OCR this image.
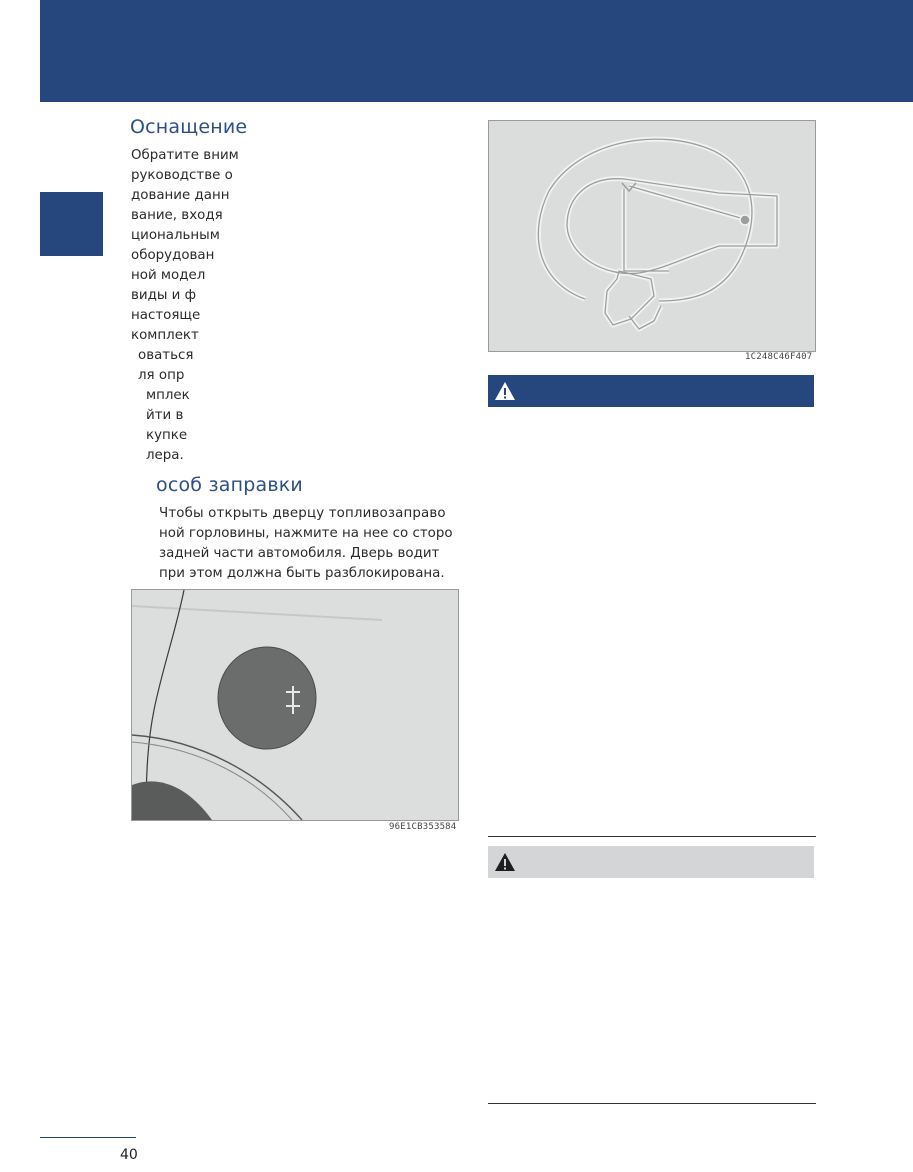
Оснащение

Обратите вним

руководстве о

дование данн

вание, входя

циональным

оборудован

ной модел

виды и ф

настояще

комплект

оваться

ля опр

мплек

йти в

купке

лера.

особ заправки

Чтобы открыть дверцу топливозаправо

ной горловины, нажмите на нее со сторо

задней части автомобиля. Дверь водит

при этом должна быть разблокирована.

96E1CB353584
1C248C46F407
40
